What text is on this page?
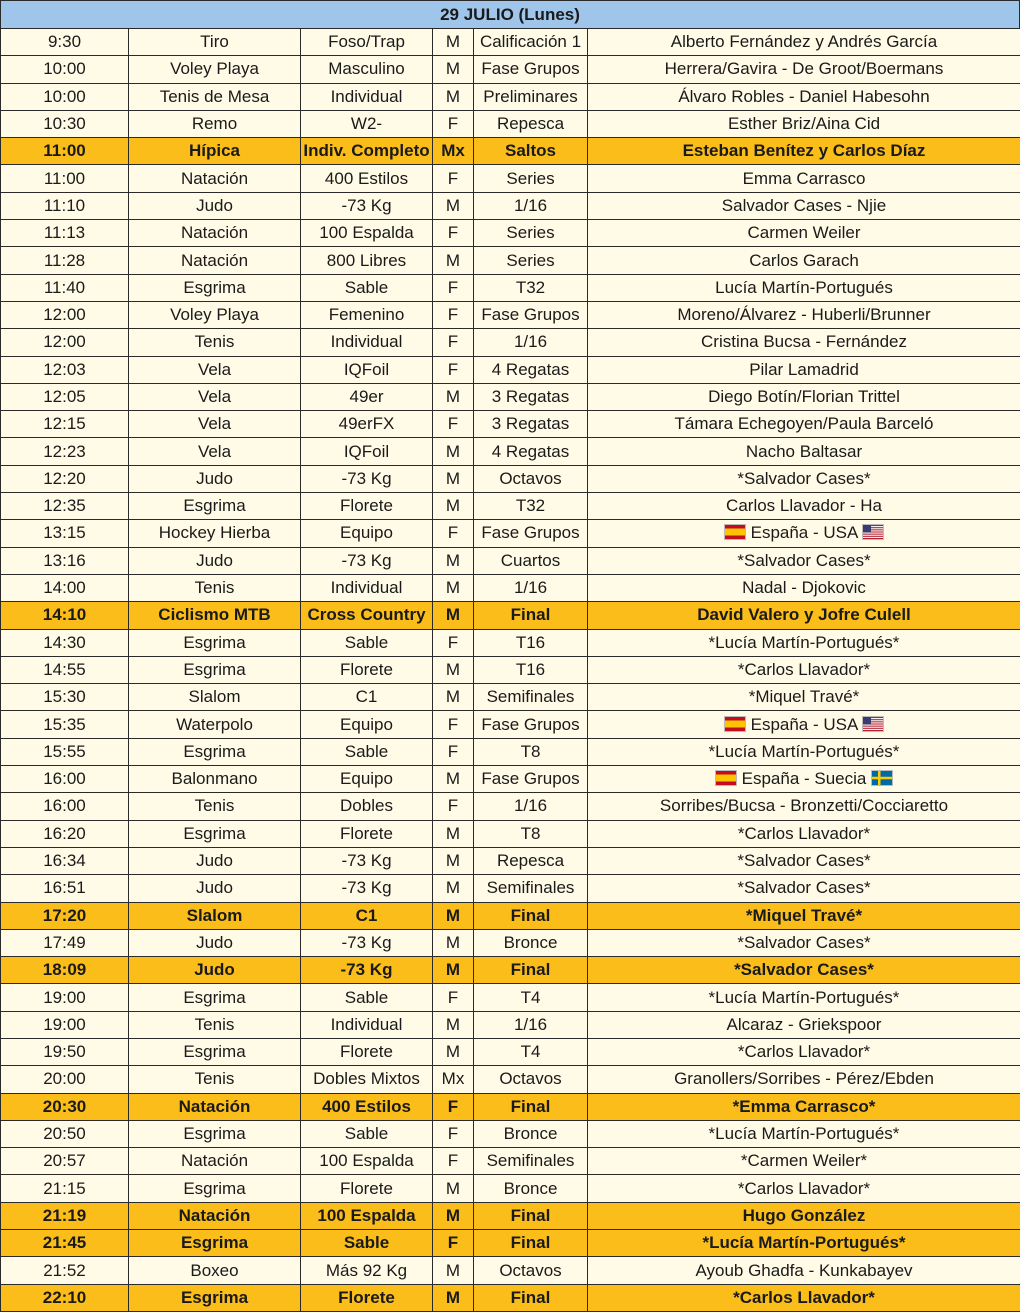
29 JULIO (Lunes)
9:30	Tiro	Foso/Trap	M	Calificación 1	Alberto Fernández y Andrés García
10:00	Voley Playa	Masculino	M	Fase Grupos	Herrera/Gavira - De Groot/Boermans
10:00	Tenis de Mesa	Individual	M	Preliminares	Álvaro Robles - Daniel Habesohn
10:30	Remo	W2-	F	Repesca	Esther Briz/Aina Cid
11:00	Hípica	Indiv. Completo	Mx	Saltos	Esteban Benítez y Carlos Díaz
11:00	Natación	400 Estilos	F	Series	Emma Carrasco
11:10	Judo	-73 Kg	M	1/16	Salvador Cases - Njie
11:13	Natación	100 Espalda	F	Series	Carmen Weiler
11:28	Natación	800 Libres	M	Series	Carlos Garach
11:40	Esgrima	Sable	F	T32	Lucía Martín-Portugués
12:00	Voley Playa	Femenino	F	Fase Grupos	Moreno/Álvarez - Huberli/Brunner
12:00	Tenis	Individual	F	1/16	Cristina Bucsa - Fernández
12:03	Vela	IQFoil	F	4 Regatas	Pilar Lamadrid
12:05	Vela	49er	M	3 Regatas	Diego Botín/Florian Trittel
12:15	Vela	49erFX	F	3 Regatas	Támara Echegoyen/Paula Barceló
12:23	Vela	IQFoil	M	4 Regatas	Nacho Baltasar
12:20	Judo	-73 Kg	M	Octavos	*Salvador Cases*
12:35	Esgrima	Florete	M	T32	Carlos Llavador - Ha
13:15	Hockey Hierba	Equipo	F	Fase Grupos	España - USA

13:16	Judo	-73 Kg	M	Cuartos	*Salvador Cases*
14:00	Tenis	Individual	M	1/16	Nadal - Djokovic
14:10	Ciclismo MTB	Cross Country	M	Final	David Valero y Jofre Culell
14:30	Esgrima	Sable	F	T16	*Lucía Martín-Portugués*
14:55	Esgrima	Florete	M	T16	*Carlos Llavador*
15:30	Slalom	C1	M	Semifinales	*Miquel Travé*
15:35	Waterpolo	Equipo	F	Fase Grupos	España - USA

15:55	Esgrima	Sable	F	T8	*Lucía Martín-Portugués*
16:00	Balonmano	Equipo	M	Fase Grupos	España - Suecia

16:00	Tenis	Dobles	F	1/16	Sorribes/Bucsa - Bronzetti/Cocciaretto
16:20	Esgrima	Florete	M	T8	*Carlos Llavador*
16:34	Judo	-73 Kg	M	Repesca	*Salvador Cases*
16:51	Judo	-73 Kg	M	Semifinales	*Salvador Cases*
17:20	Slalom	C1	M	Final	*Miquel Travé*
17:49	Judo	-73 Kg	M	Bronce	*Salvador Cases*
18:09	Judo	-73 Kg	M	Final	*Salvador Cases*
19:00	Esgrima	Sable	F	T4	*Lucía Martín-Portugués*
19:00	Tenis	Individual	M	1/16	Alcaraz - Griekspoor
19:50	Esgrima	Florete	M	T4	*Carlos Llavador*
20:00	Tenis	Dobles Mixtos	Mx	Octavos	Granollers/Sorribes - Pérez/Ebden
20:30	Natación	400 Estilos	F	Final	*Emma Carrasco*
20:50	Esgrima	Sable	F	Bronce	*Lucía Martín-Portugués*
20:57	Natación	100 Espalda	F	Semifinales	*Carmen Weiler*
21:15	Esgrima	Florete	M	Bronce	*Carlos Llavador*
21:19	Natación	100 Espalda	M	Final	Hugo González
21:45	Esgrima	Sable	F	Final	*Lucía Martín-Portugués*
21:52	Boxeo	Más 92 Kg	M	Octavos	Ayoub Ghadfa - Kunkabayev
22:10	Esgrima	Florete	M	Final	*Carlos Llavador*
